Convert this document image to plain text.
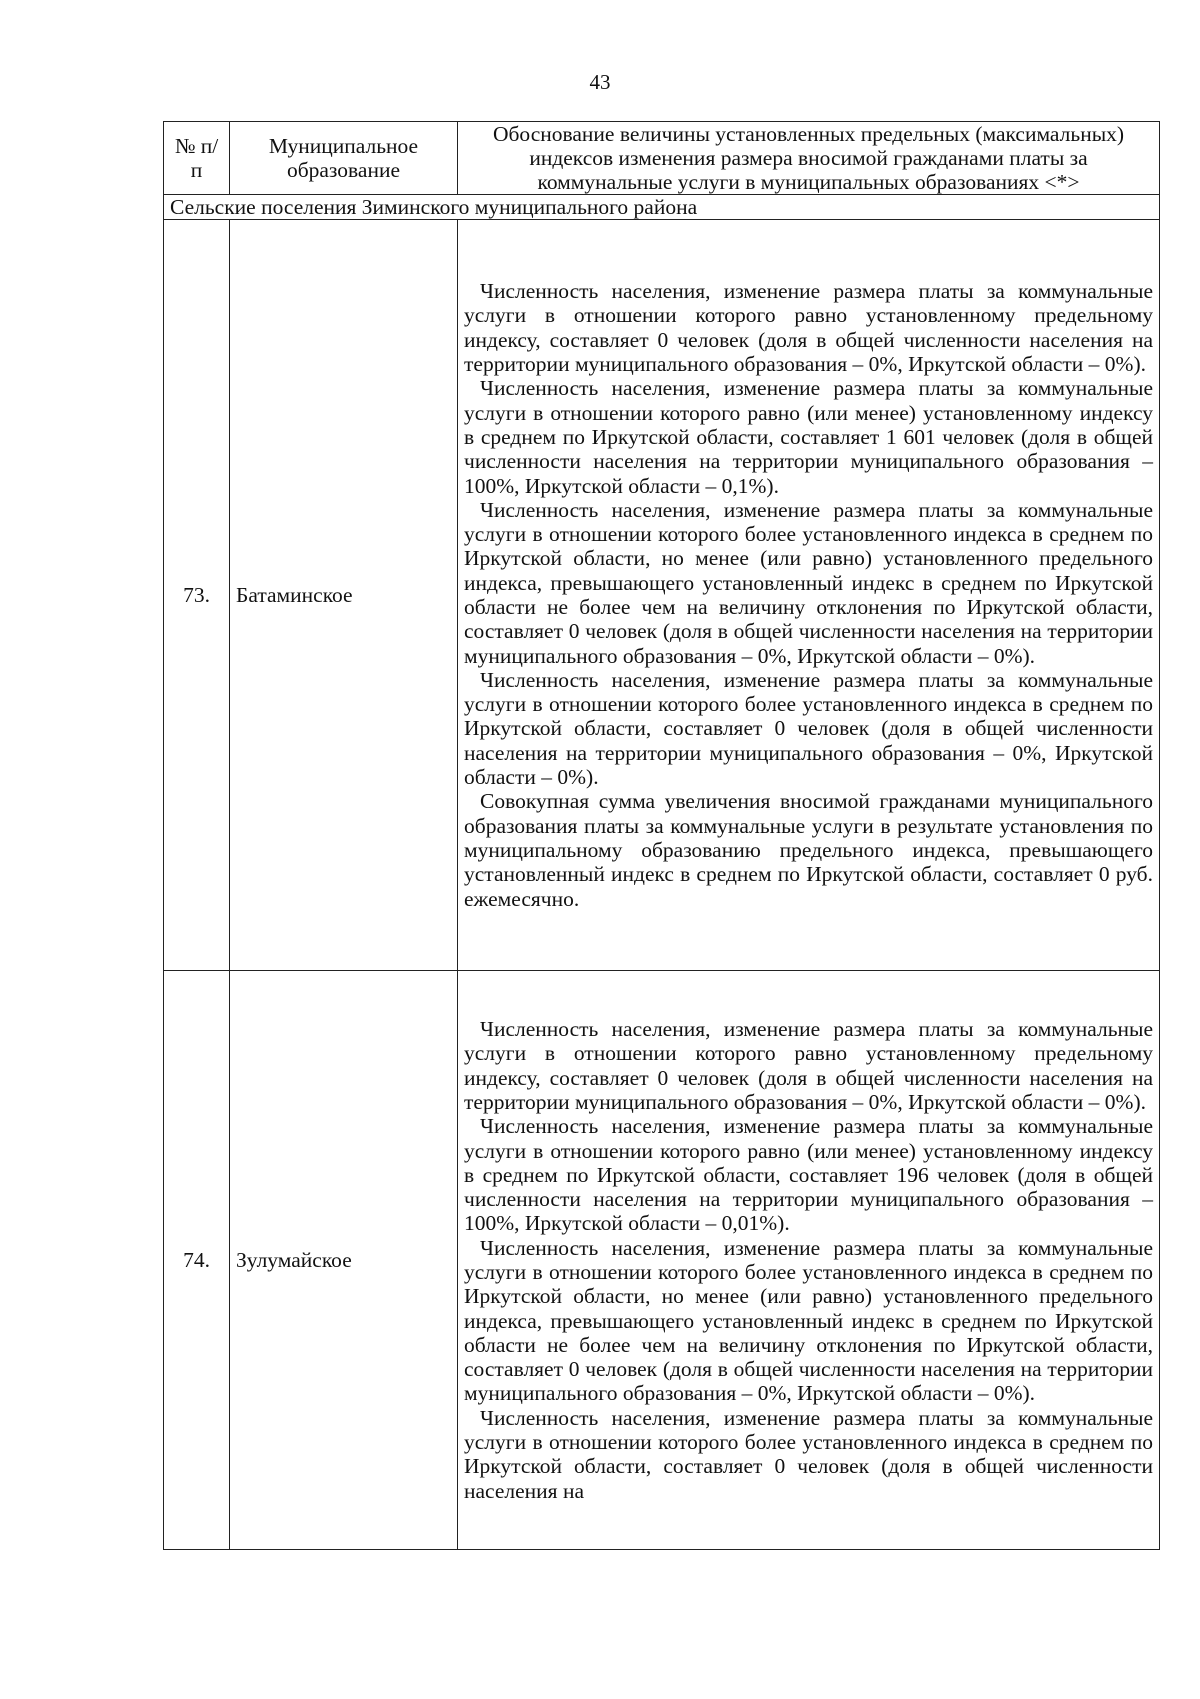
43
№ п/п	Муниципальное образование	Обоснование величины установленных предельных (максимальных) индексов изменения размера вносимой гражданами платы за коммунальные услуги в муниципальных образованиях <*>
Сельские поселения Зиминского муниципального района		
73.	Батаминское	Численность населения, изменение размера платы за коммунальные услуги в отношении которого равно установленному предельному индексу, составляет 0 человек (доля в общей численности населения на территории муниципального образования – 0%, Иркутской области – 0%).

Численность населения, изменение размера платы за коммунальные услуги в отношении которого равно (или менее) установленному индексу в среднем по Иркутской области, составляет 1 601 человек (доля в общей численности населения на территории муниципального образования – 100%, Иркутской области – 0,1%).

Численность населения, изменение размера платы за коммунальные услуги в отношении которого более установленного индекса в среднем по Иркутской области, но менее (или равно) установленного предельного индекса, превышающего установленный индекс в среднем по Иркутской области не более чем на величину отклонения по Иркутской области, составляет 0 человек (доля в общей численности населения на территории муниципального образования – 0%, Иркутской области – 0%).

Численность населения, изменение размера платы за коммунальные услуги в отношении которого более установленного индекса в среднем по Иркутской области, составляет 0 человек (доля в общей численности населения на территории муниципального образования – 0%, Иркутской области – 0%).

Совокупная сумма увеличения вносимой гражданами муниципального образования платы за коммунальные услуги в результате установления по муниципальному образованию предельного индекса, превышающего установленный индекс в среднем по Иркутской области, составляет 0 руб. ежемесячно.

74.	Зулумайское	Численность населения, изменение размера платы за коммунальные услуги в отношении которого равно установленному предельному индексу, составляет 0 человек (доля в общей численности населения на территории муниципального образования – 0%, Иркутской области – 0%).

Численность населения, изменение размера платы за коммунальные услуги в отношении которого равно (или менее) установленному индексу в среднем по Иркутской области, составляет 196 человек (доля в общей численности населения на территории муниципального образования – 100%, Иркутской области – 0,01%).

Численность населения, изменение размера платы за коммунальные услуги в отношении которого более установленного индекса в среднем по Иркутской области, но менее (или равно) установленного предельного индекса, превышающего установленный индекс в среднем по Иркутской области не более чем на величину отклонения по Иркутской области, составляет 0 человек (доля в общей численности населения на территории муниципального образования – 0%, Иркутской области – 0%).

Численность населения, изменение размера платы за коммунальные услуги в отношении которого более установленного индекса в среднем по Иркутской области, составляет 0 человек (доля в общей численности населения на
